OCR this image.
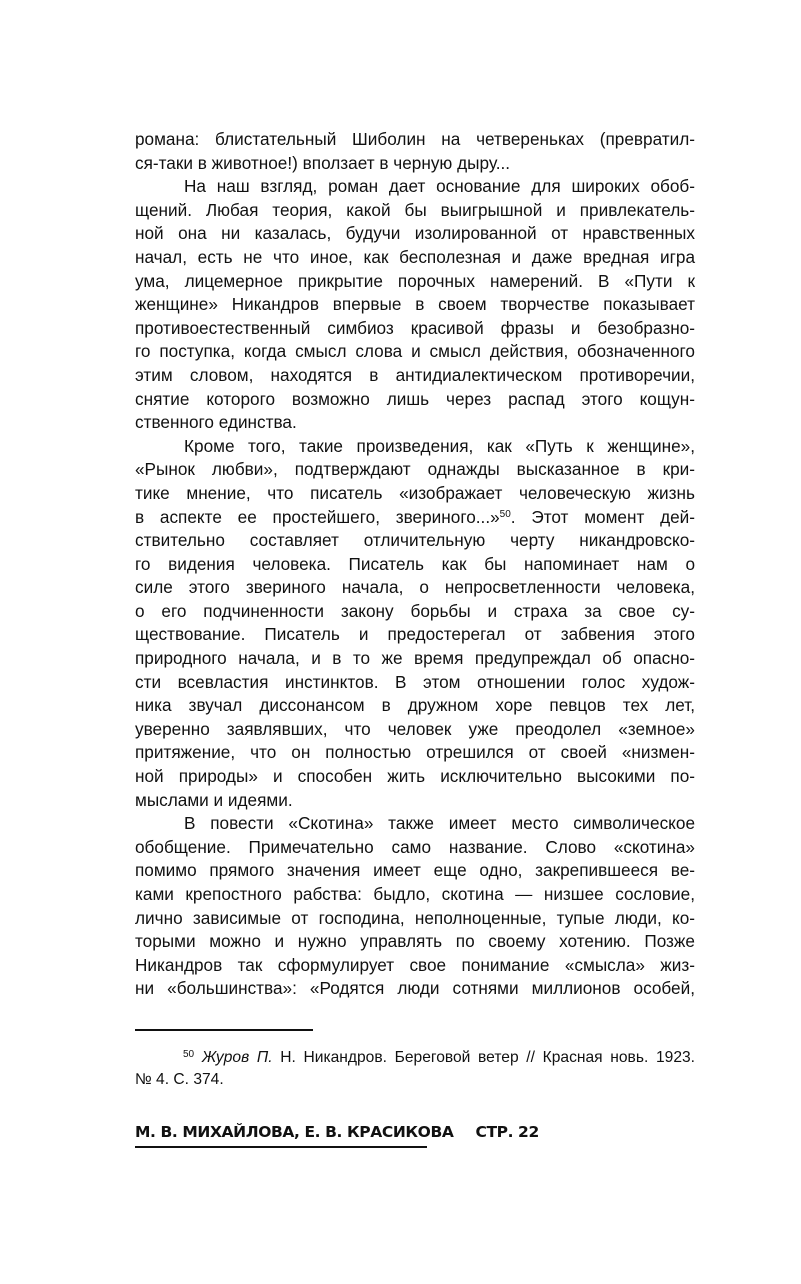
романа: блистательный Шиболин на четвереньках (превратил-
ся-таки в животное!) вползает в черную дыру...
На наш взгляд, роман дает основание для широких обоб-
щений. Любая теория, какой бы выигрышной и привлекатель-
ной она ни казалась, будучи изолированной от нравственных
начал, есть не что иное, как бесполезная и даже вредная игра
ума, лицемерное прикрытие порочных намерений. В «Пути к
женщине» Никандров впервые в своем творчестве показывает
противоестественный симбиоз красивой фразы и безобразно-
го поступка, когда смысл слова и смысл действия, обозначенного
этим словом, находятся в антидиалектическом противоречии,
снятие которого возможно лишь через распад этого кощун-
ственного единства.
Кроме того, такие произведения, как «Путь к женщине»,
«Рынок любви», подтверждают однажды высказанное в кри-
тике мнение, что писатель «изображает человеческую жизнь
в аспекте ее простейшего, звериного...»$^{50}$. Этот момент дей-
ствительно составляет отличительную черту никандровско-
го видения человека. Писатель как бы напоминает нам о
силе этого звериного начала, о непросветленности человека,
о его подчиненности закону борьбы и страха за свое су-
ществование. Писатель и предостерегал от забвения этого
природного начала, и в то же время предупреждал об опасно-
сти всевластия инстинктов. В этом отношении голос худож-
ника звучал диссонансом в дружном хоре певцов тех лет,
уверенно заявлявших, что человек уже преодолел «земное»
притяжение, что он полностью отрешился от своей «низмен-
ной природы» и способен жить исключительно высокими по-
мыслами и идеями.
В повести «Скотина» также имеет место символическое
обобщение. Примечательно само название. Слово «скотина»
помимо прямого значения имеет еще одно, закрепившееся ве-
ками крепостного рабства: быдло, скотина — низшее сословие,
лично зависимые от господина, неполноценные, тупые люди, ко-
торыми можно и нужно управлять по своему хотению. Позже
Никандров так сформулирует свое понимание «смысла» жиз-
ни «большинства»: «Родятся люди сотнями миллионов особей,
$^{50}$ Журов П. Н. Никандров. Береговой ветер // Красная новь. 1923.
№ 4. С. 374.
М. В. МИХАЙЛОВА, Е. В. КРАСИКОВА СТР. 22
